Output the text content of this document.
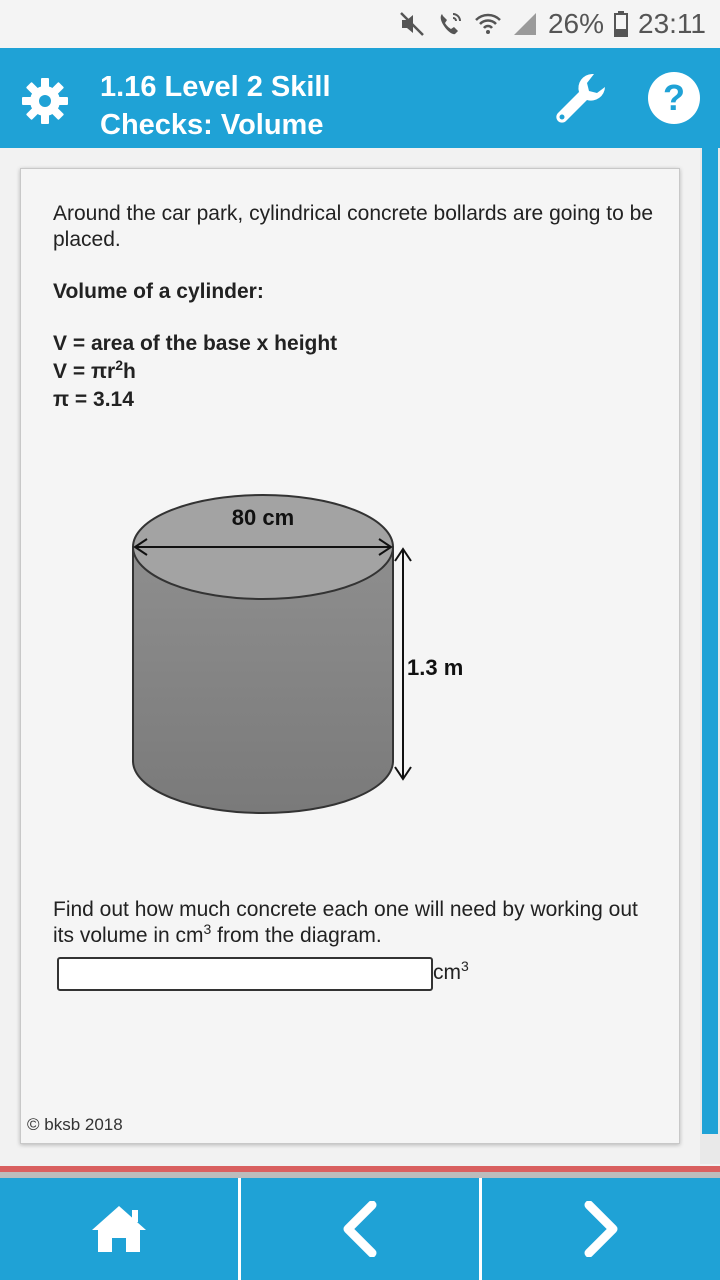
26% 23:11
1.16 Level 2 Skill
Checks: Volume
?
Around the car park, cylindrical concrete bollards are going to be placed.
Volume of a cylinder:
V = area of the base x height
$V = \pi r^2h$
π = 3.14
80 cm
1.3 m
Find out how much concrete each one will need by working out its volume in $cm^3$ from the diagram.
$cm^3$
© bksb 2018
